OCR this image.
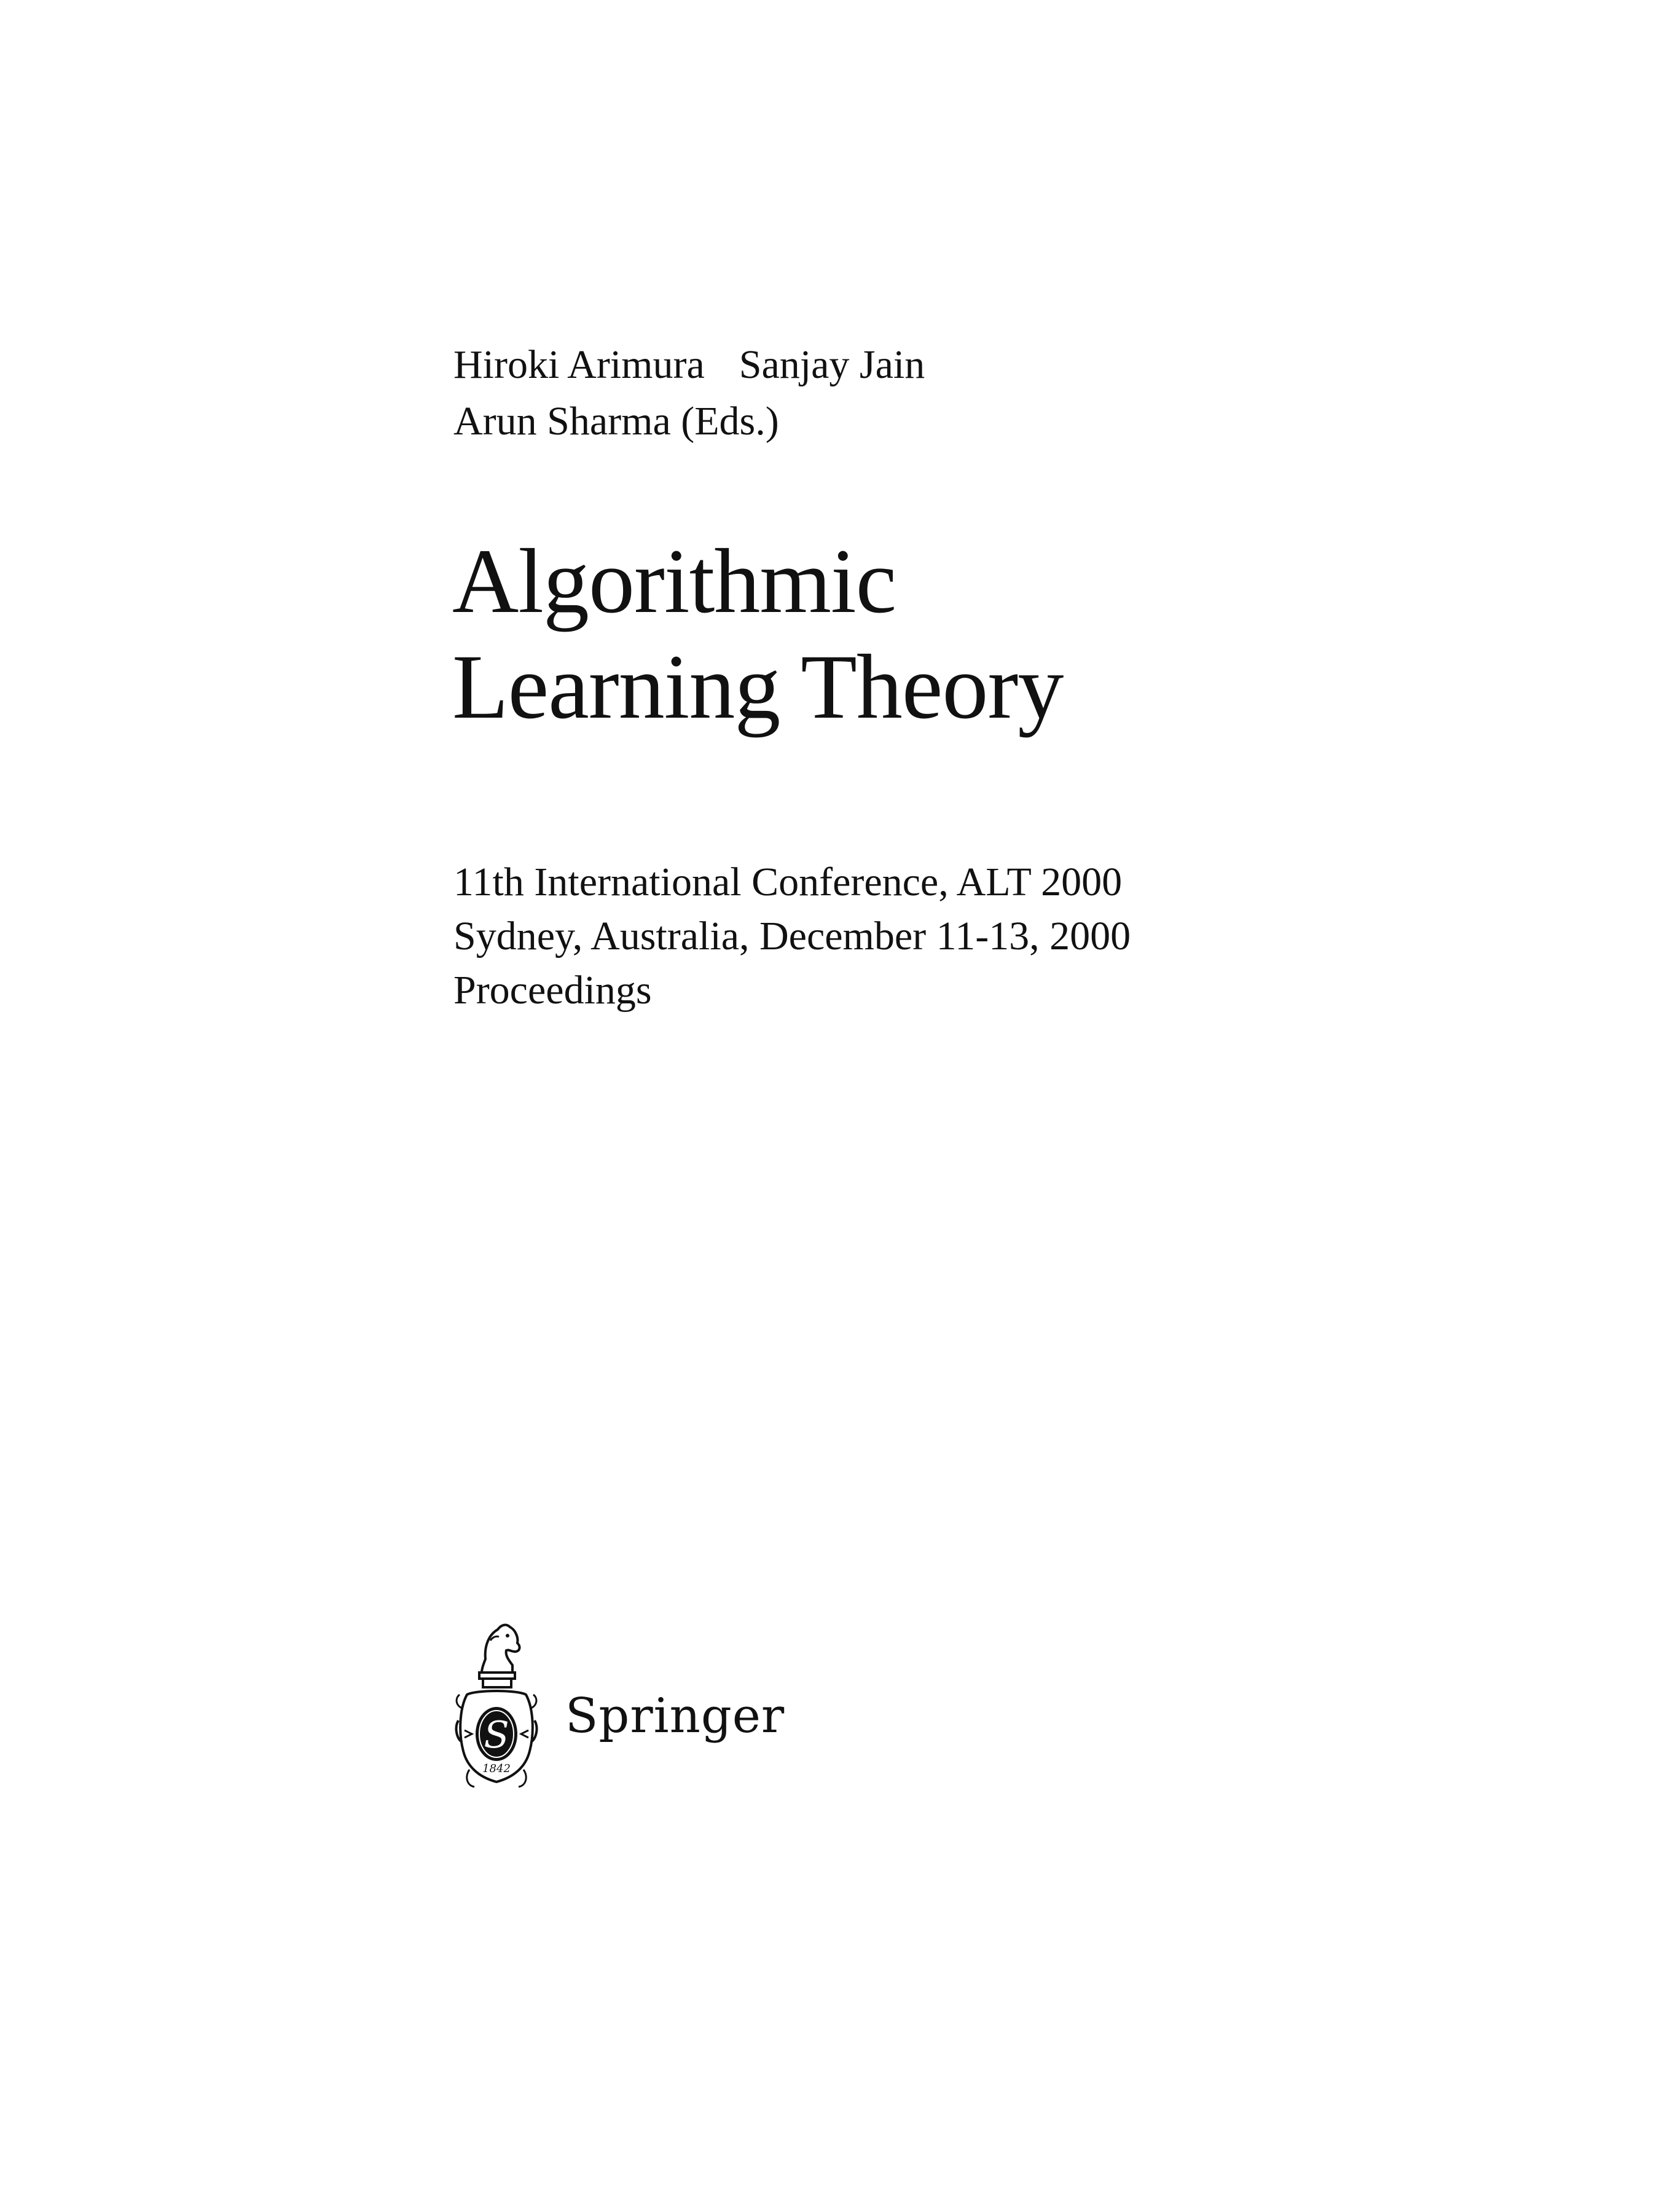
Hiroki Arimura Sanjay Jain
Arun Sharma (Eds.)
Algorithmic
Learning Theory
11th International Conference, ALT 2000
Sydney, Australia, December 11-13, 2000
Proceedings
S
1842
Springer
